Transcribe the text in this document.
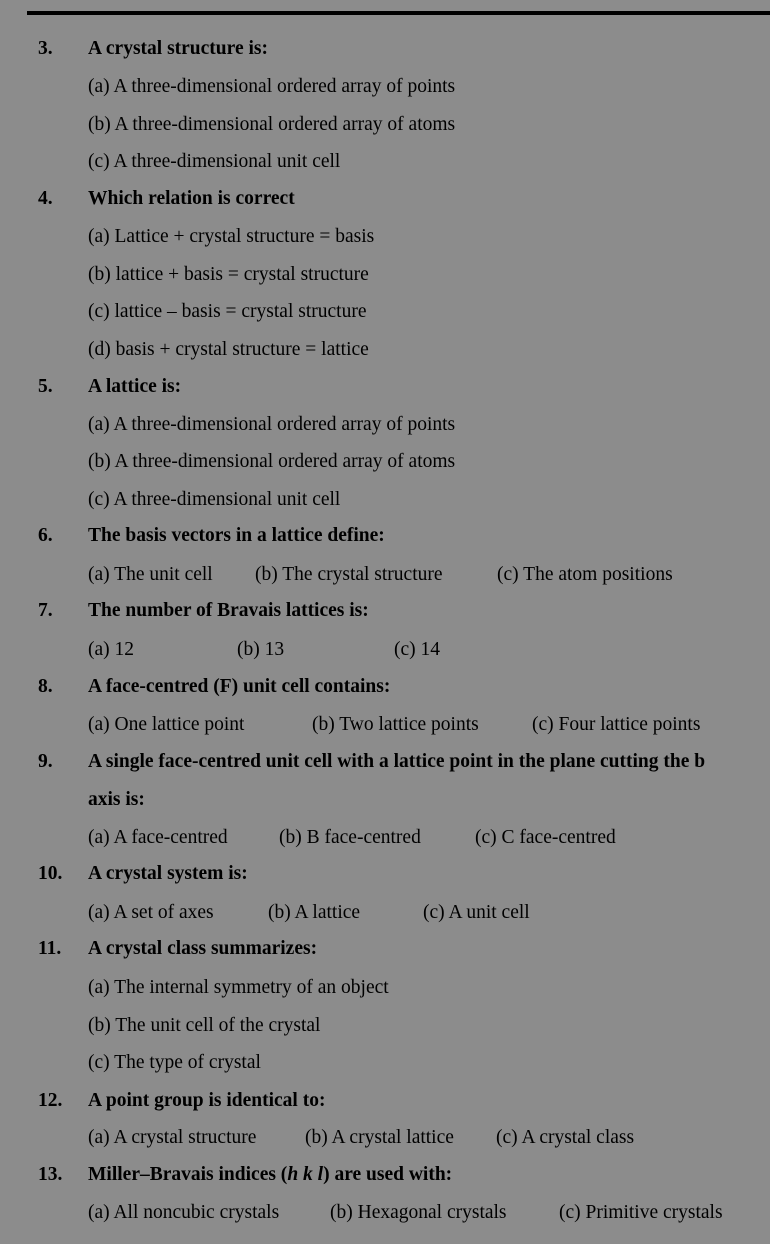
3. A crystal structure is:
(a) A three-dimensional ordered array of points
(b) A three-dimensional ordered array of atoms
(c) A three-dimensional unit cell
4. Which relation is correct
(a) Lattice + crystal structure = basis
(b) lattice + basis = crystal structure
(c) lattice – basis = crystal structure
(d) basis + crystal structure = lattice
5. A lattice is:
(a) A three-dimensional ordered array of points
(b) A three-dimensional ordered array of atoms
(c) A three-dimensional unit cell
6. The basis vectors in a lattice define:
(a) The unit cell (b) The crystal structure	(c) The atom positions
7. The number of Bravais lattices is:
(a) 12	(b) 13	(c) 14
8. A face-centred (F) unit cell contains:
(a) One lattice point	(b) Two lattice points	(c) Four lattice points
9. A single face-centred unit cell with a lattice point in the plane cutting the b
axis is:
(a) A face-centred	(b) B face-centred	(c) C face-centred
10. A crystal system is:
(a) A set of axes	(b) A lattice	(c) A unit cell
11. A crystal class summarizes:
(a) The internal symmetry of an object
(b) The unit cell of the crystal
(c) The type of crystal
12. A point group is identical to:
(a) A crystal structure (b) A crystal lattice (c) A crystal class
13. Miller–Bravais indices (h k l) are used with:
(a) All noncubic crystals	(b) Hexagonal crystals	(c) Primitive crystals
